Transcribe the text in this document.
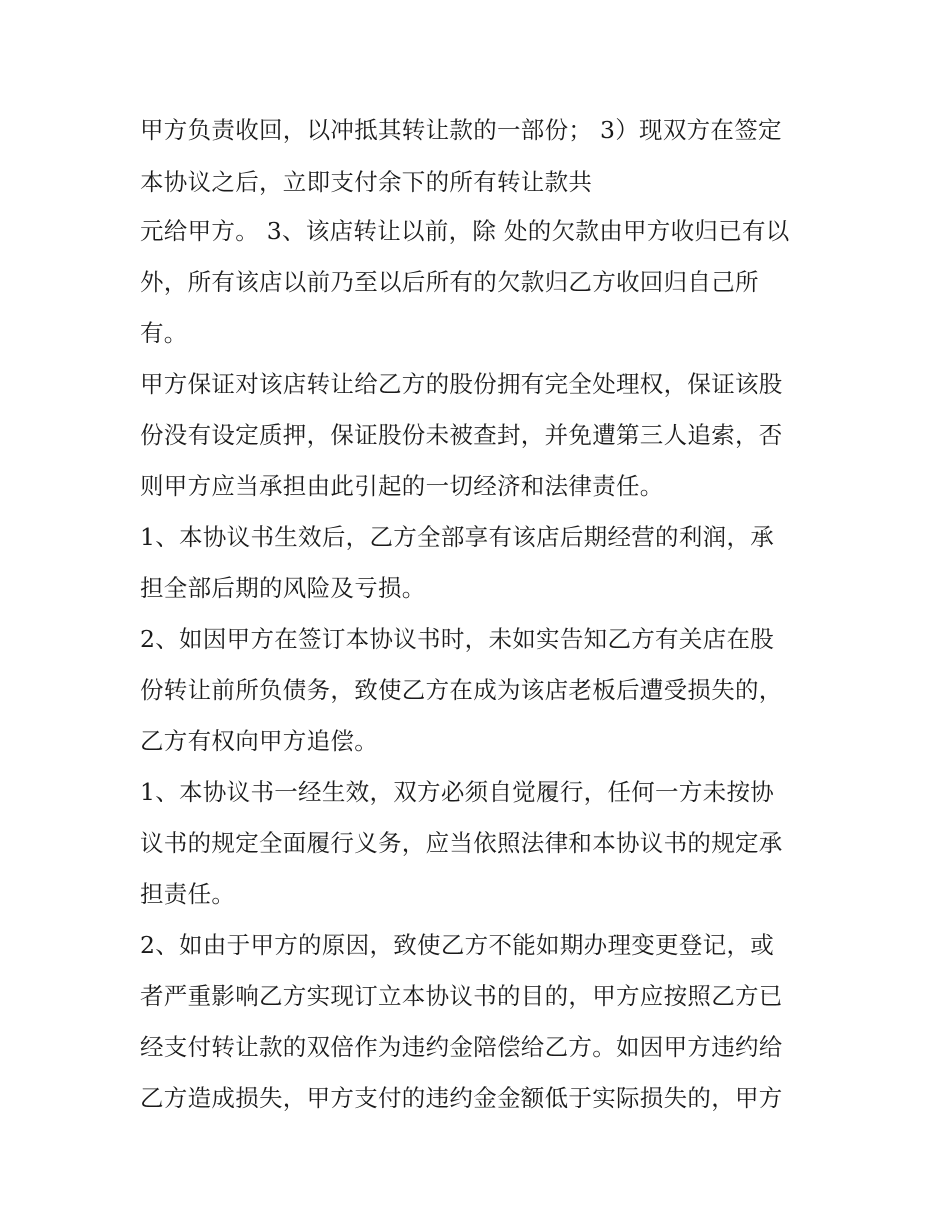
甲方负责收回，以冲抵其转让款的一部份； 3）现双方在签定
本协议之后，立即支付余下的所有转让款共
元给甲方。 3、该店转让以前，除 处的欠款由甲方收归已有以
外，所有该店以前乃至以后所有的欠款归乙方收回归自己所
有。
甲方保证对该店转让给乙方的股份拥有完全处理权，保证该股
份没有设定质押，保证股份未被查封，并免遭第三人追索，否
则甲方应当承担由此引起的一切经济和法律责任。
1、本协议书生效后，乙方全部享有该店后期经营的利润，承
担全部后期的风险及亏损。
2、如因甲方在签订本协议书时，未如实告知乙方有关店在股
份转让前所负债务，致使乙方在成为该店老板后遭受损失的，
乙方有权向甲方追偿。
1、本协议书一经生效，双方必须自觉履行，任何一方未按协
议书的规定全面履行义务，应当依照法律和本协议书的规定承
担责任。
2、如由于甲方的原因，致使乙方不能如期办理变更登记，或
者严重影响乙方实现订立本协议书的目的，甲方应按照乙方已
经支付转让款的双倍作为违约金陪偿给乙方。如因甲方违约给
乙方造成损失，甲方支付的违约金金额低于实际损失的，甲方
